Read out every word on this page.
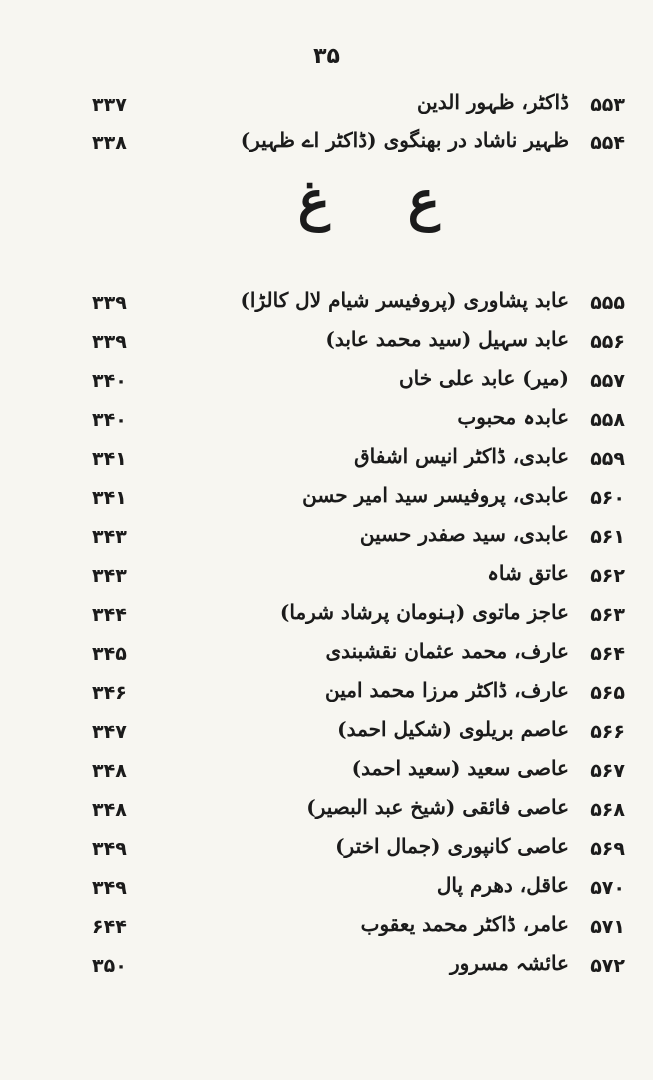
۳۵
۳۳۷	ڈاکٹر، ظہور الدین	۵۵۳
۳۳۸	ظہیر ناشاد در بھنگوی (ڈاکٹر اے ظہیر)	۵۵۴
ع
غ
۳۳۹	عابد پشاوری (پروفیسر شیام لال کالڑا)	۵۵۵
۳۳۹	عابد سہیل (سید محمد عابد)	۵۵۶
۳۴۰	(میر) عابد علی خاں	۵۵۷
۳۴۰	عابدہ محبوب	۵۵۸
۳۴۱	عابدی، ڈاکٹر انیس اشفاق	۵۵۹
۳۴۱	عابدی، پروفیسر سید امیر حسن	۵۶۰
۳۴۳	عابدی، سید صفدر حسین	۵۶۱
۳۴۳	عاتق شاہ	۵۶۲
۳۴۴	عاجز ماتوی (ہنومان پرشاد شرما)	۵۶۳
۳۴۵	عارف، محمد عثمان نقشبندی	۵۶۴
۳۴۶	عارف، ڈاکٹر مرزا محمد امین	۵۶۵
۳۴۷	عاصم بریلوی (شکیل احمد)	۵۶۶
۳۴۸	عاصی سعید (سعید احمد)	۵۶۷
۳۴۸	عاصی فائقی (شیخ عبد البصیر)	۵۶۸
۳۴۹	عاصی کانپوری (جمال اختر)	۵۶۹
۳۴۹	عاقل، دھرم پال	۵۷۰
۶۴۴	عامر، ڈاکٹر محمد یعقوب	۵۷۱
۳۵۰	عائشہ مسرور	۵۷۲
